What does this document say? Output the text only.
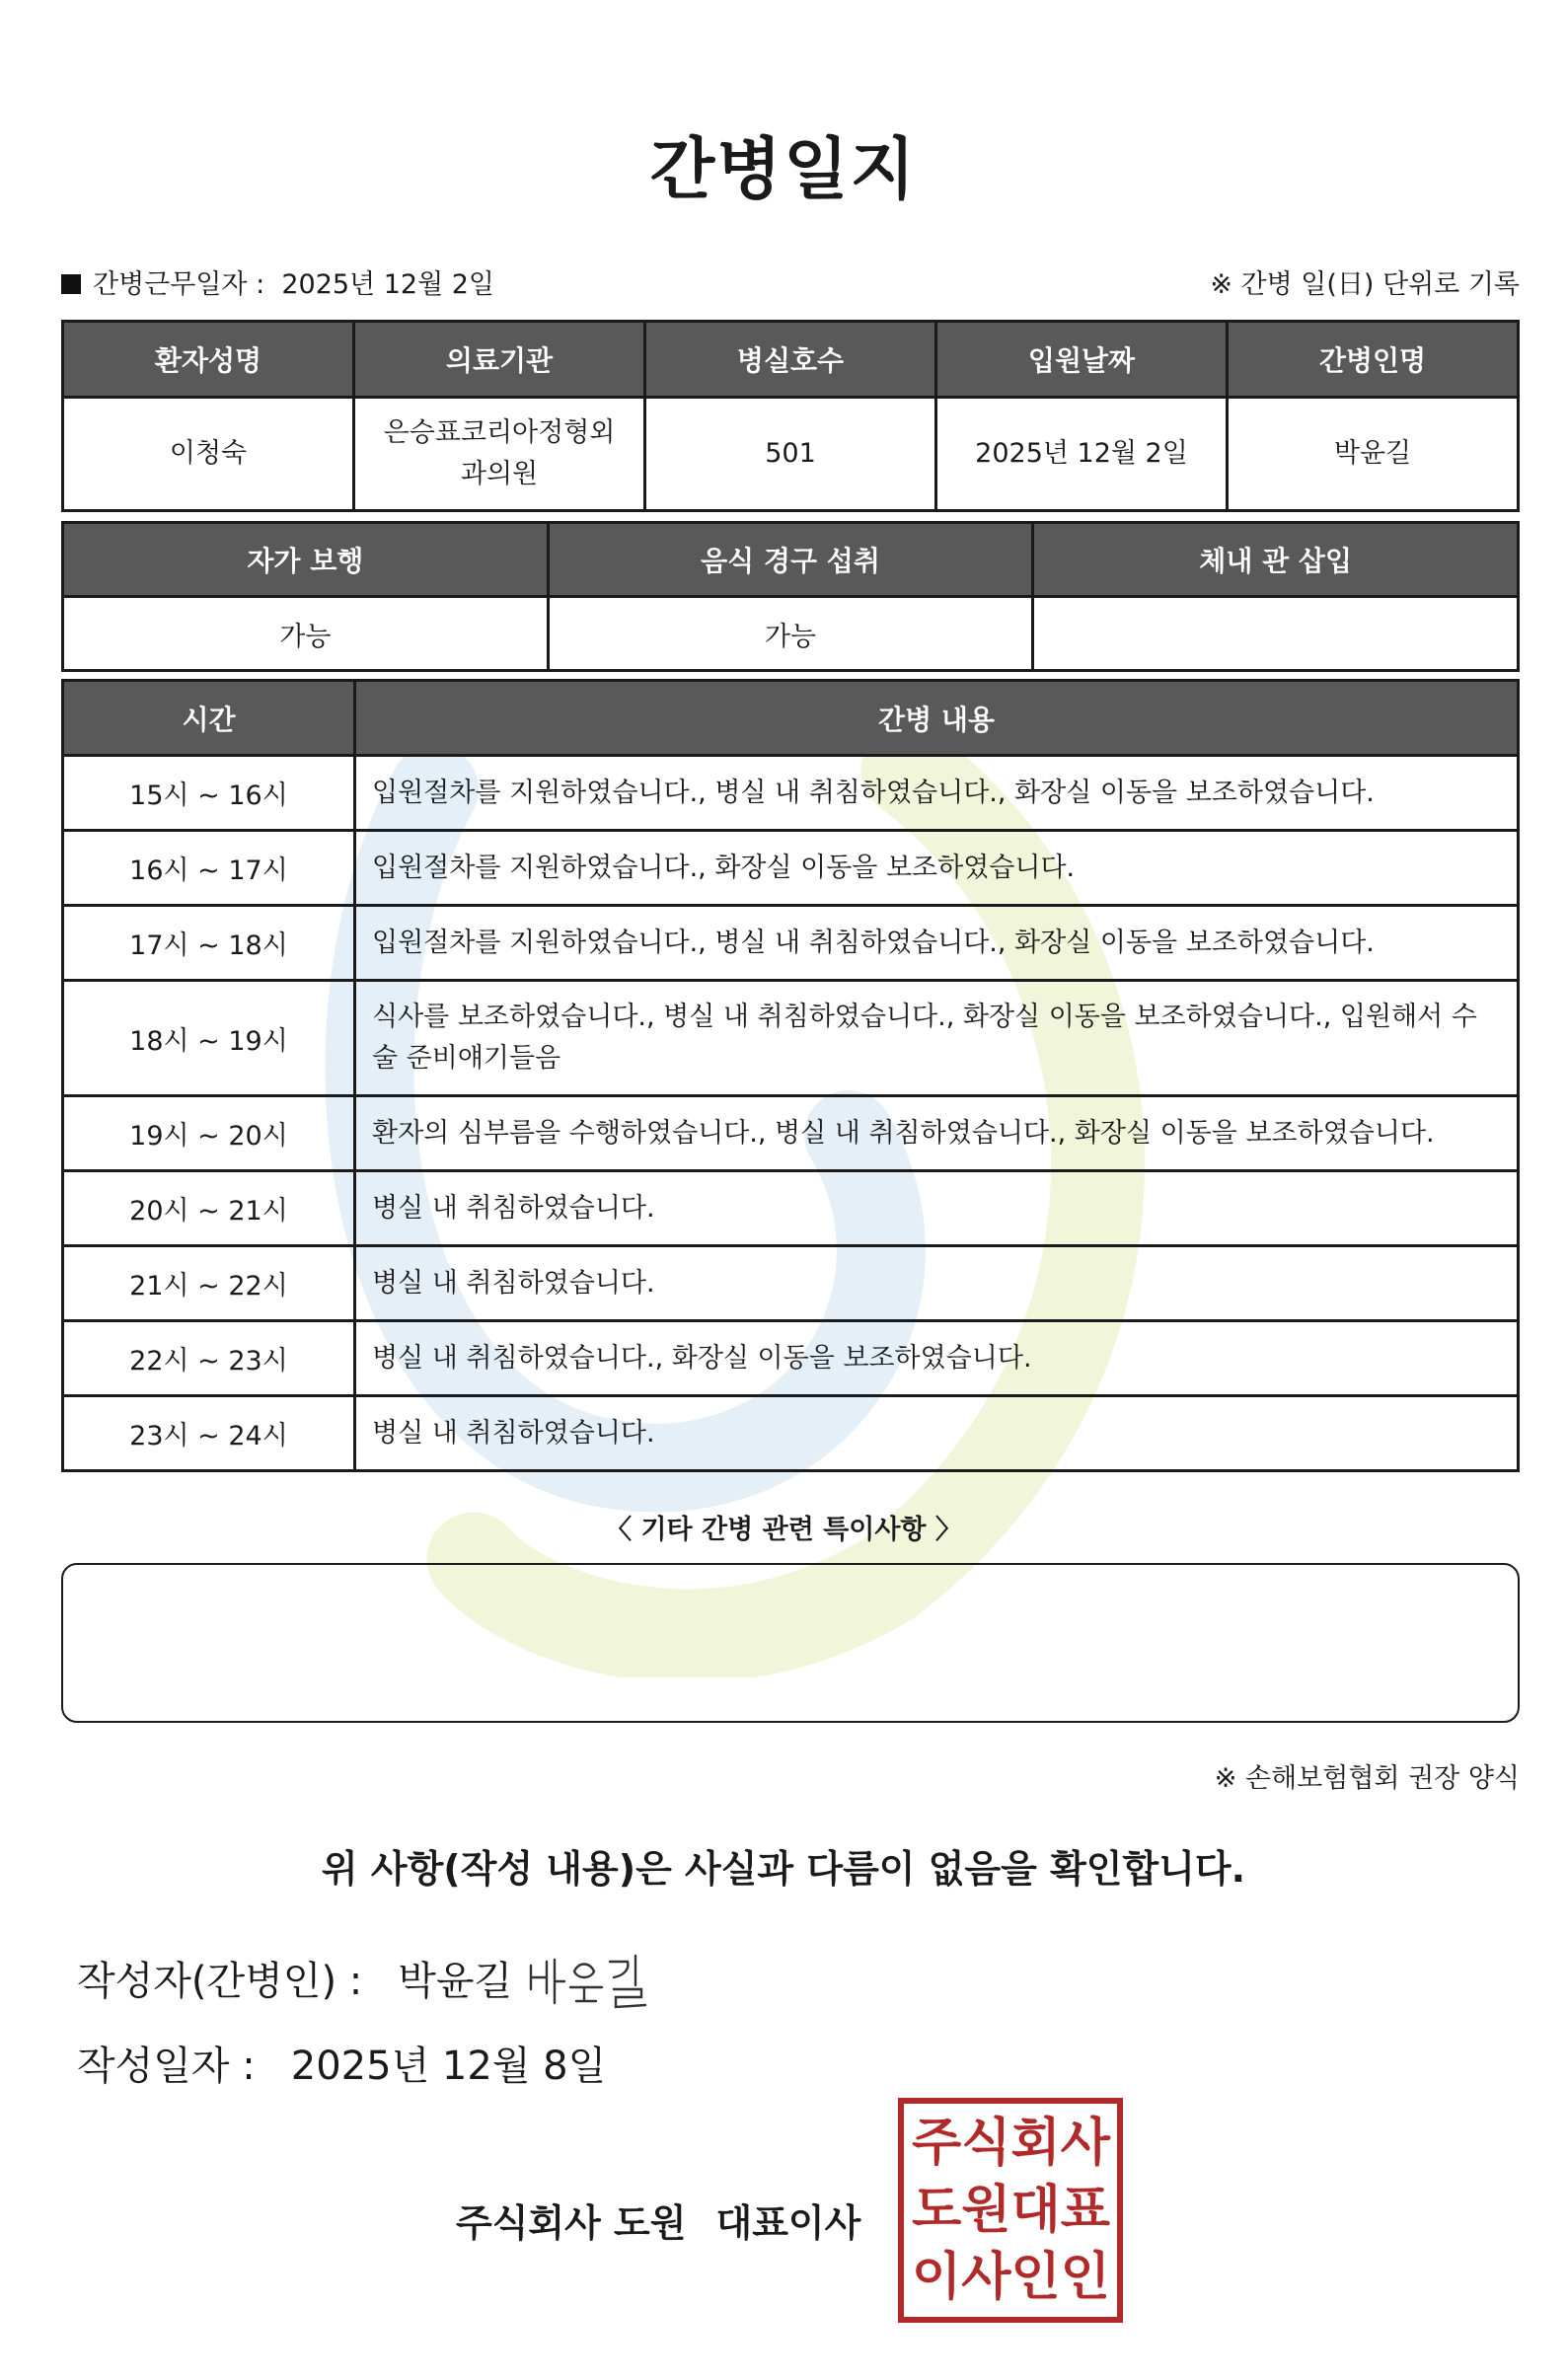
간병일지
간병근무일자 : 2025년 12월 2일	※ 간병 일(日) 단위로 기록
환자성명	의료기관	병실호수	입원날짜	간병인명
이청숙	은승표코리아정형외과의원	501	2025년 12월 2일	박윤길
자가 보행	음식 경구 섭취	체내 관 삽입
가능	가능	
시간	간병 내용
15시 ~ 16시	입원절차를 지원하였습니다., 병실 내 취침하였습니다., 화장실 이동을 보조하였습니다.
16시 ~ 17시	입원절차를 지원하였습니다., 화장실 이동을 보조하였습니다.
17시 ~ 18시	입원절차를 지원하였습니다., 병실 내 취침하였습니다., 화장실 이동을 보조하였습니다.
18시 ~ 19시	식사를 보조하였습니다., 병실 내 취침하였습니다., 화장실 이동을 보조하였습니다., 입원해서 수술 준비얘기들음
19시 ~ 20시	환자의 심부름을 수행하였습니다., 병실 내 취침하였습니다., 화장실 이동을 보조하였습니다.
20시 ~ 21시	병실 내 취침하였습니다.
21시 ~ 22시	병실 내 취침하였습니다.
22시 ~ 23시	병실 내 취침하였습니다., 화장실 이동을 보조하였습니다.
23시 ~ 24시	병실 내 취침하였습니다.
〈 기타 간병 관련 특이사항 〉
※ 손해보험협회 권장 양식
위 사항(작성 내용)은 사실과 다름이 없음을 확인합니다.
작성자(간병인) : 박윤길
작성일자 : 2025년 12월 8일
주식회사 도원 대표이사
주 식 회 사
도 원 대 표
이 사 인 인
